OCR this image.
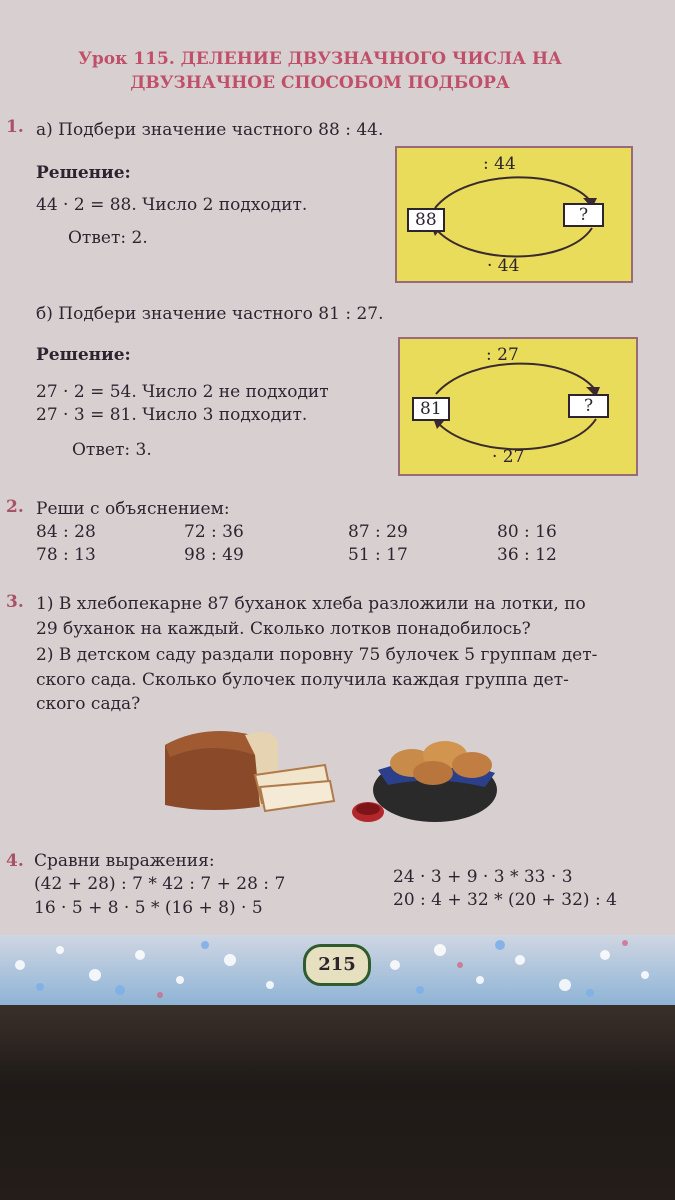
Урок 115. ДЕЛЕНИЕ ДВУЗНАЧНОГО ЧИСЛА НА
ДВУЗНАЧНОЕ СПОСОБОМ ПОДБОРА
1. а) Подбери значение частного 88 : 44.
Решение:
44 · 2 = 88. Число 2 подходит.
Ответ: 2.
: 44
88	?
· 44
б) Подбери значение частного 81 : 27.
Решение:
27 · 2 = 54. Число 2 не подходит
27 · 3 = 81. Число 3 подходит.
Ответ: 3.
: 27
81	?
· 27
2. Реши с объяснением:
84 : 28	72 : 36	87 : 29	80 : 16
78 : 13	98 : 49	51 : 17	36 : 12
3. 1) В хлебопекарне 87 буханок хлеба разложили на лотки, по
29 буханок на каждый. Сколько лотков понадобилось?
2) В детском саду раздали поровну 75 булочек 5 группам дет-
ского сада. Сколько булочек получила каждая группа дет-
ского сада?
4. Сравни выражения:
(42 + 28) : 7 * 42 : 7 + 28 : 7
16 · 5 + 8 · 5 * (16 + 8) · 5
24 · 3 + 9 · 3 * 33 · 3
20 : 4 + 32 * (20 + 32) : 4
215
